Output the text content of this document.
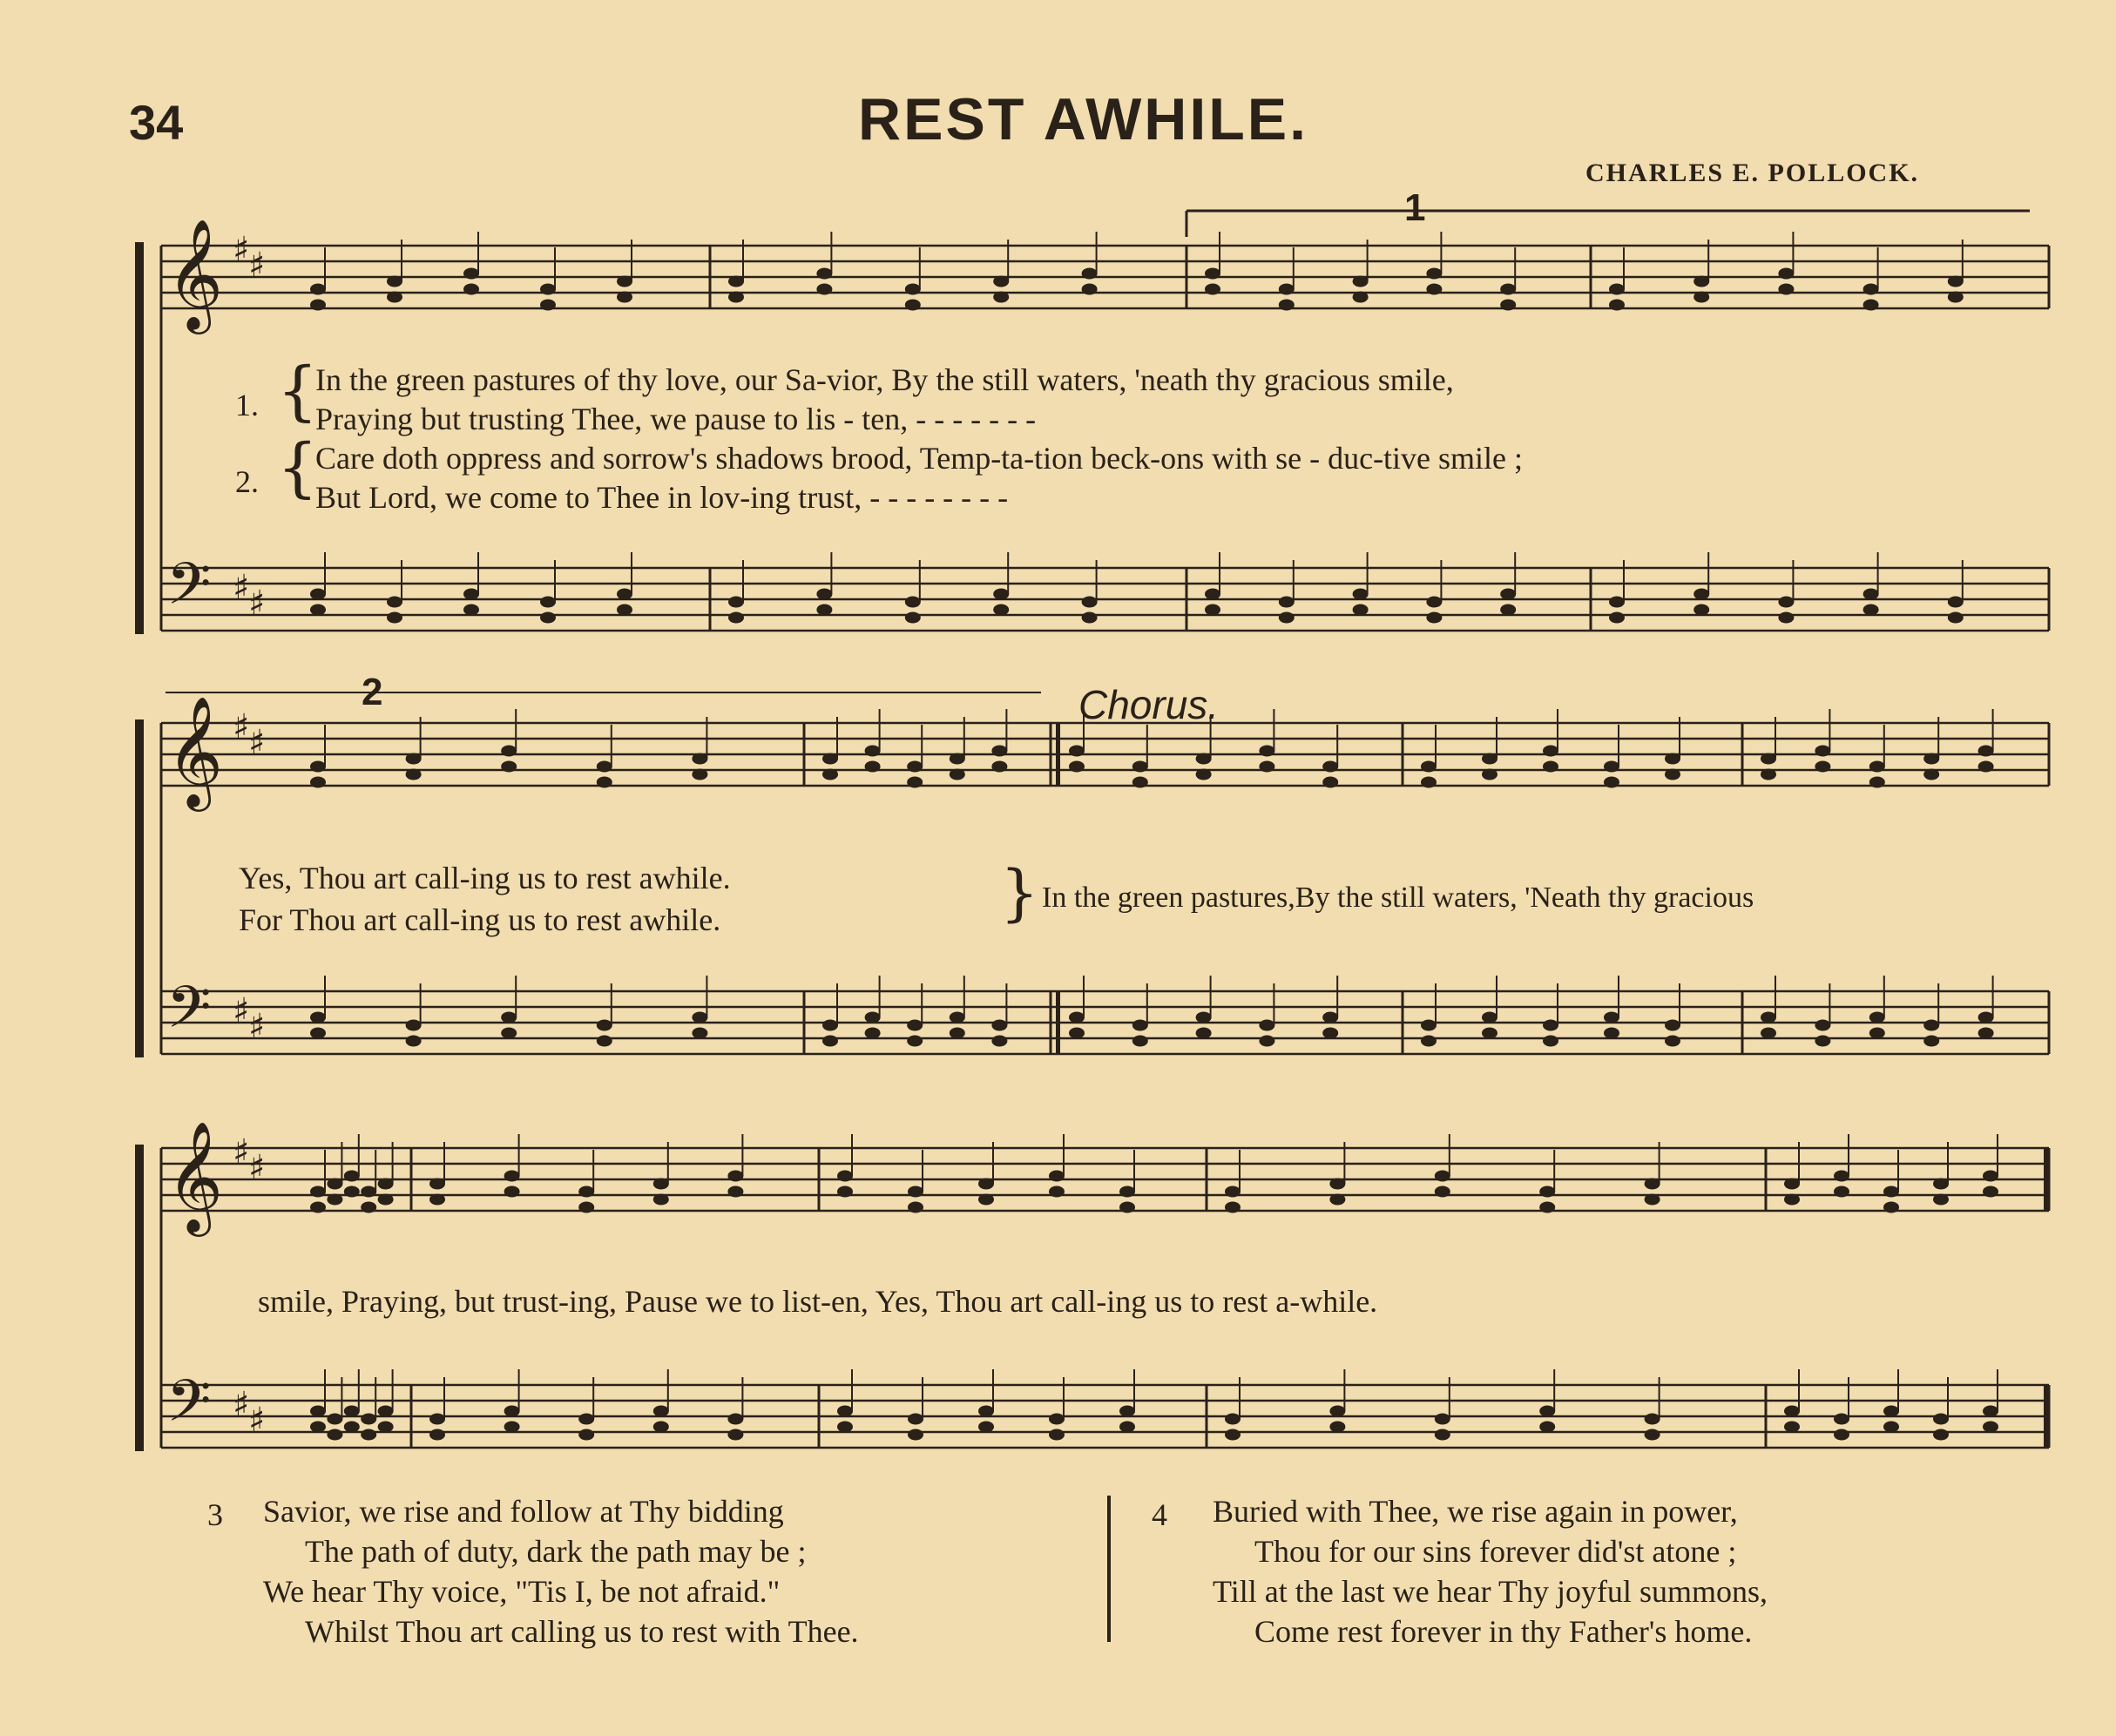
34	REST AWHILE.
CHARLES E. POLLOCK.
𝄞 ♯
♯
𝄢 ♯
♯
𝄞 ♯
♯
𝄢 ♯
♯
𝄞 ♯
♯
𝄢 ♯
♯
1
2	Chorus.
1. {
In the green pastures of thy love, our Sa-vior, By the still waters, 'neath thy gracious smile,
Praying but trusting Thee, we pause to lis - ten, - - - - - - -
2. {
Care doth oppress and sorrow's shadows brood, Temp-ta-tion beck-ons with se - duc-tive smile ;
But Lord, we come to Thee in lov-ing trust, - - - - - - - -
Yes, Thou art call-ing us to rest awhile.
For Thou art call-ing us to rest awhile.	} In the green pastures,By the still waters, 'Neath thy gracious
smile, Praying, but trust-ing, Pause we to list-en, Yes, Thou art call-ing us to rest a-while.
3 Savior, we rise and follow at Thy bidding
The path of duty, dark the path may be ;
We hear Thy voice, "Tis I, be not afraid."
Whilst Thou art calling us to rest with Thee.
4 Buried with Thee, we rise again in power,
Thou for our sins forever did'st atone ;
Till at the last we hear Thy joyful summons,
Come rest forever in thy Father's home.
